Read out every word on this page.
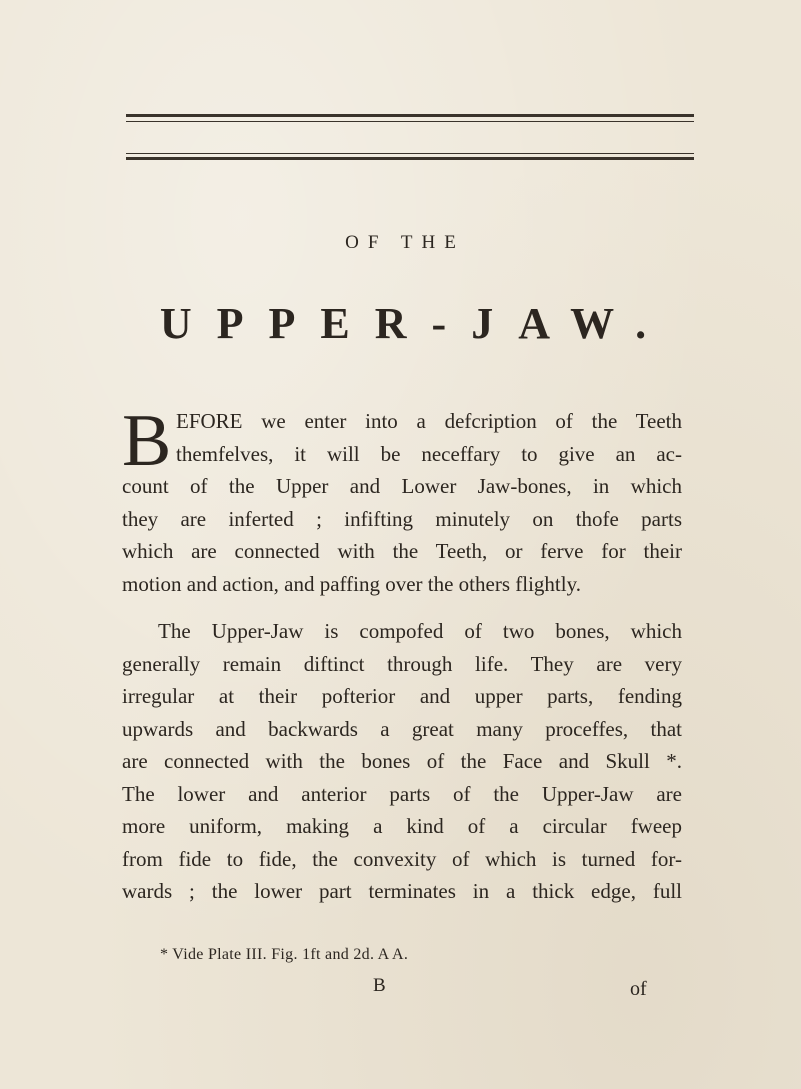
OF THE
UPPER-JAW.
B EFORE we enter into a defcription of the Teeth
themfelves, it will be neceffary to give an ac-
count of the Upper and Lower Jaw-bones, in which
they are inferted ; infifting minutely on thofe parts
which are connected with the Teeth, or ferve for their
motion and action, and paffing over the others flightly.
The Upper-Jaw is compofed of two bones, which
generally remain diftinct through life. They are very
irregular at their pofterior and upper parts, fending
upwards and backwards a great many proceffes, that
are connected with the bones of the Face and Skull *.
The lower and anterior parts of the Upper-Jaw are
more uniform, making a kind of a circular fweep
from fide to fide, the convexity of which is turned for-
wards ; the lower part terminates in a thick edge, full
* Vide Plate III. Fig. 1ft and 2d. A A.
B	of
